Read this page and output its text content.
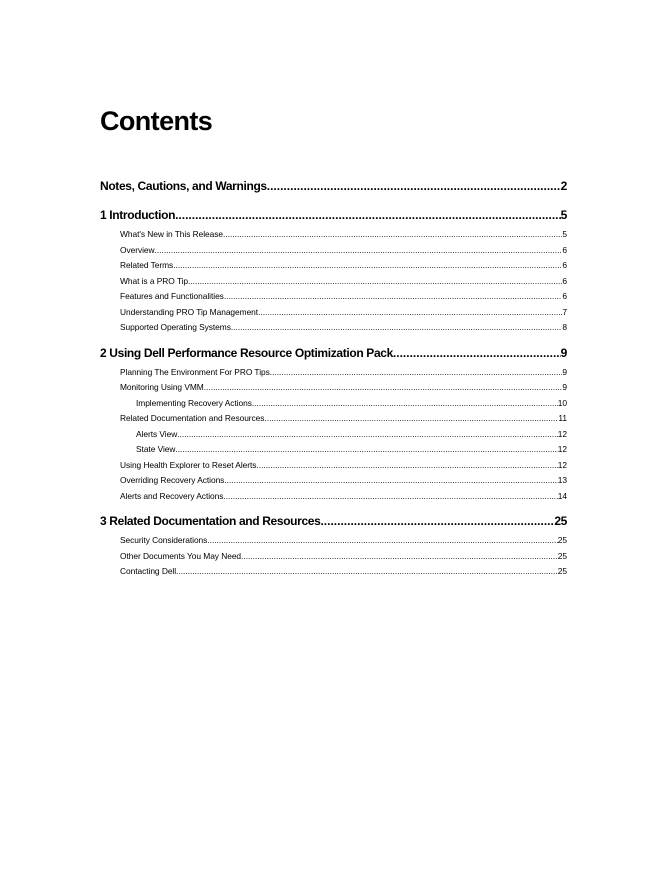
Contents
Notes, Cautions, and Warnings .....	2
1 Introduction .....	5
What's New in This Release .....	5
Overview .....	6
Related Terms .....	6
What is a PRO Tip .....	6
Features and Functionalities .....	6
Understanding PRO Tip Management .....	7
Supported Operating Systems .....	8
2 Using Dell Performance Resource Optimization Pack .....	9
Planning The Environment For PRO Tips .....	9
Monitoring Using VMM .....	9
Implementing Recovery Actions .....	10
Related Documentation and Resources .....	11
Alerts View .....	12
State View .....	12
Using Health Explorer to Reset Alerts .....	12
Overriding Recovery Actions .....	13
Alerts and Recovery Actions .....	14
3 Related Documentation and Resources .....	25
Security Considerations .....	25
Other Documents You May Need .....	25
Contacting Dell .....	25
